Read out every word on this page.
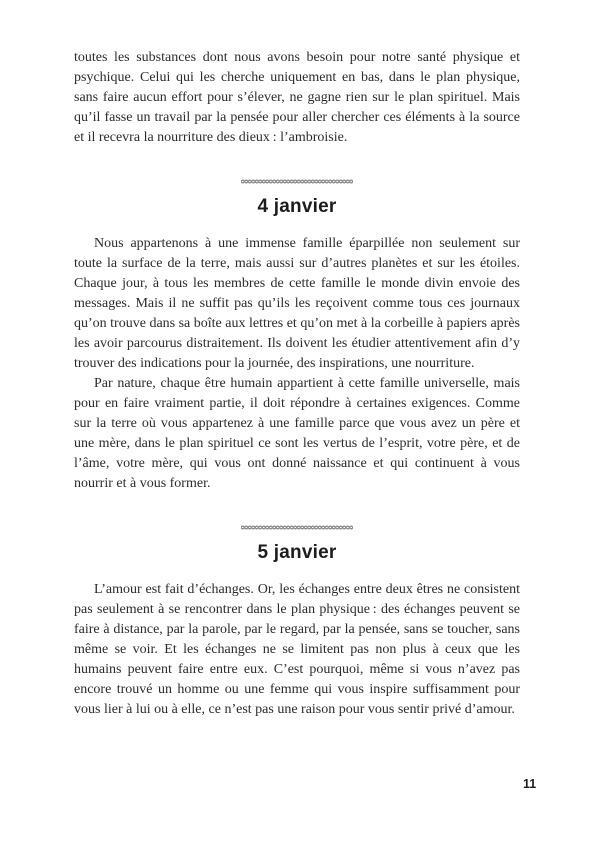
toutes les substances dont nous avons besoin pour notre santé physique et psychique. Celui qui les cherche uniquement en bas, dans le plan physique, sans faire aucun effort pour s’élever, ne gagne rien sur le plan spirituel. Mais qu’il fasse un travail par la pensée pour aller chercher ces éléments à la source et il recevra la nourriture des dieux : l’ambroisie.

4 janvier

Nous appartenons à une immense famille éparpillée non seulement sur toute la surface de la terre, mais aussi sur d’autres planètes et sur les étoiles. Chaque jour, à tous les membres de cette famille le monde divin envoie des messages. Mais il ne suffit pas qu’ils les reçoivent comme tous ces journaux qu’on trouve dans sa boîte aux lettres et qu’on met à la corbeille à papiers après les avoir parcourus distraitement. Ils doivent les étudier attentivement afin d’y trouver des indications pour la journée, des inspirations, une nourriture.

Par nature, chaque être humain appartient à cette famille universelle, mais pour en faire vraiment partie, il doit répondre à certaines exigences. Comme sur la terre où vous appartenez à une famille parce que vous avez un père et une mère, dans le plan spirituel ce sont les vertus de l’esprit, votre père, et de l’âme, votre mère, qui vous ont donné naissance et qui continuent à vous nourrir et à vous former.

5 janvier

L’amour est fait d’échanges. Or, les échanges entre deux êtres ne consistent pas seulement à se rencontrer dans le plan physique : des échanges peuvent se faire à distance, par la parole, par le regard, par la pensée, sans se toucher, sans même se voir. Et les échanges ne se limitent pas non plus à ceux que les humains peuvent faire entre eux. C’est pourquoi, même si vous n’avez pas encore trouvé un homme ou une femme qui vous inspire suffisamment pour vous lier à lui ou à elle, ce n’est pas une raison pour vous sentir privé d’amour.

11
